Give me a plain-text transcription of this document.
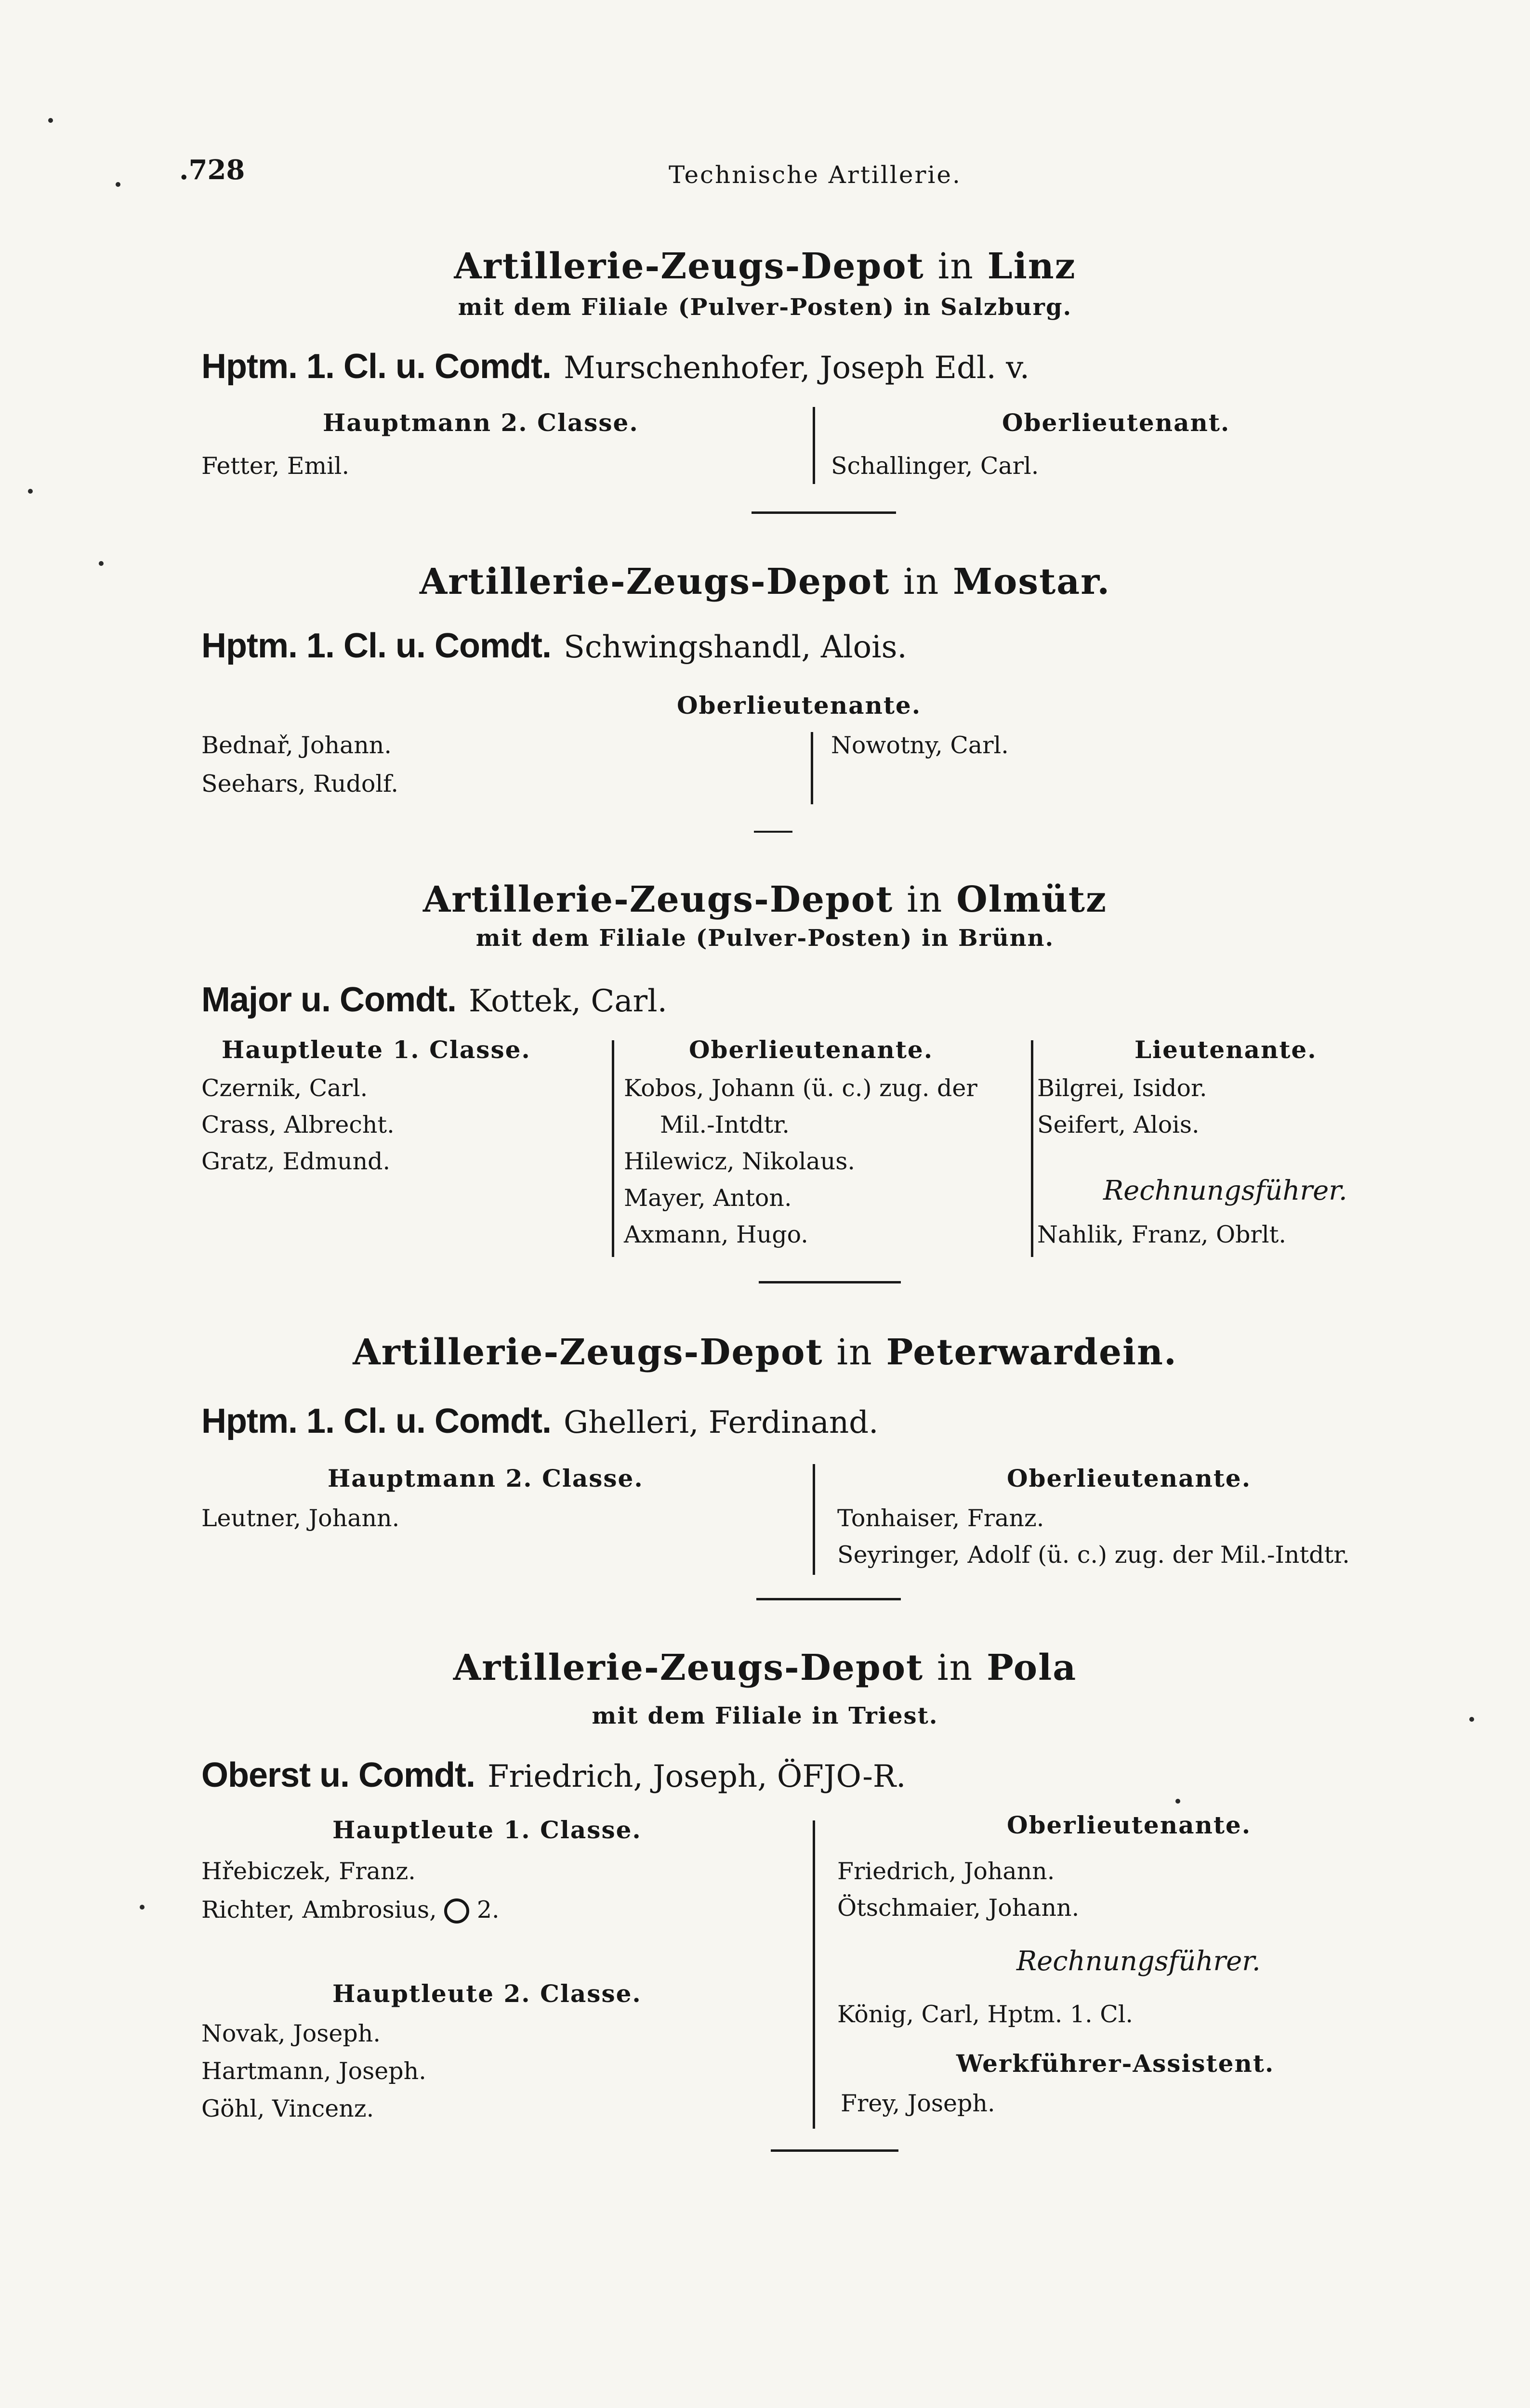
.728	Technische Artillerie.
Artillerie-Zeugs-Depot in Linz
mit dem Filiale (Pulver-Posten) in Salzburg.
Hptm. 1. Cl. u. Comdt. Murschenhofer, Joseph Edl. v.
Hauptmann 2. Classe.
Fetter, Emil.
Oberlieutenant.
Schallinger, Carl.
Artillerie-Zeugs-Depot in Mostar.
Hptm. 1. Cl. u. Comdt. Schwingshandl, Alois.
Oberlieutenante.
Bednař, Johann.
Seehars, Rudolf.
Nowotny, Carl.
Artillerie-Zeugs-Depot in Olmütz
mit dem Filiale (Pulver-Posten) in Brünn.
Major u. Comdt. Kottek, Carl.
Hauptleute 1. Classe.
Czernik, Carl.
Crass, Albrecht.
Gratz, Edmund.
Oberlieutenante.
Kobos, Johann (ü. c.) zug. der
Mil.-Intdtr.
Hilewicz, Nikolaus.
Mayer, Anton.
Axmann, Hugo.
Lieutenante.
Bilgrei, Isidor.
Seifert, Alois.
Rechnungsführer.
Nahlik, Franz, Obrlt.
Artillerie-Zeugs-Depot in Peterwardein.
Hptm. 1. Cl. u. Comdt. Ghelleri, Ferdinand.
Hauptmann 2. Classe.
Leutner, Johann.
Oberlieutenante.
Tonhaiser, Franz.
Seyringer, Adolf (ü. c.) zug. der Mil.-Intdtr.
Artillerie-Zeugs-Depot in Pola
mit dem Filiale in Triest.
Oberst u. Comdt. Friedrich, Joseph, ÖFJO-R.
Hauptleute 1. Classe.
Hřebiczek, Franz.
Richter, Ambrosius, 2.
Hauptleute 2. Classe.
Novak, Joseph.
Hartmann, Joseph.
Göhl, Vincenz.
Oberlieutenante.
Friedrich, Johann.
Ötschmaier, Johann.
Rechnungsführer.
König, Carl, Hptm. 1. Cl.
Werkführer-Assistent.
Frey, Joseph.
